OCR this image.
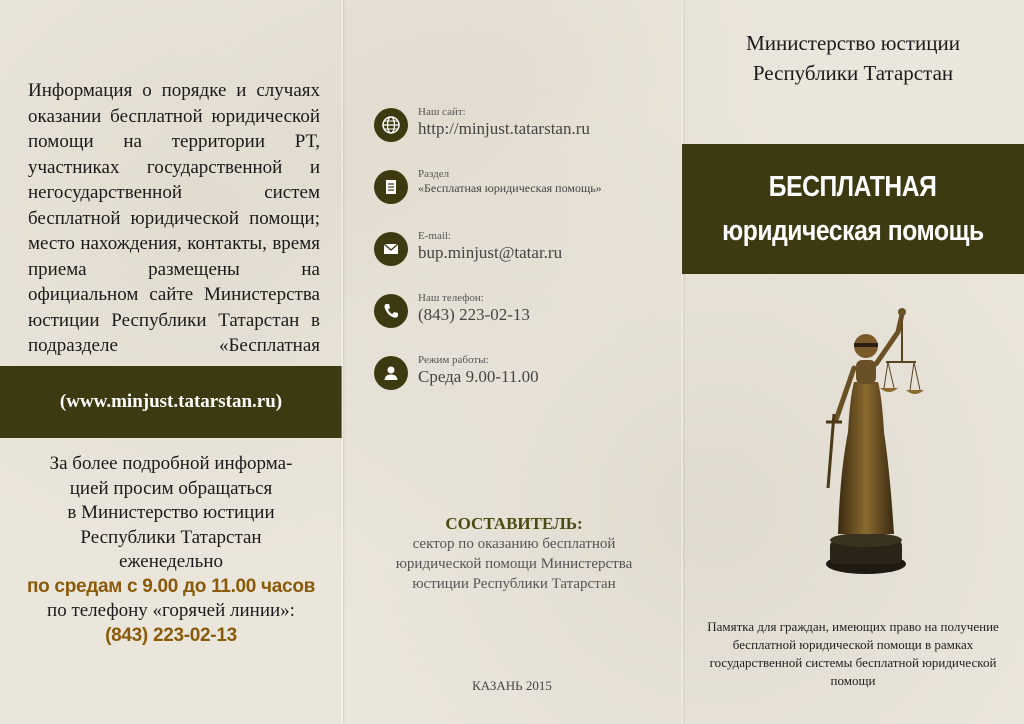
Информация о порядке и случаях оказании бесплатной юридической помощи на территории РТ, участниках государственной и негосударственной систем бесплатной юридической помощи; место нахождения, контакты, время приема размещены на официальном сайте Министерства юстиции Республики Татарстан в подразделе «Бесплатная
(www.minjust.tatarstan.ru)
За более подробной информа-
цией просим обращаться
в Министерство юстиции
Республики Татарстан
еженедельно
по средам с 9.00 до 11.00 часов
по телефону «горячей линии»:
(843) 223-02-13
Наш сайт:
http://minjust.tatarstan.ru
Раздел
«Бесплатная юридическая помощь»
E-mail:
bup.minjust@tatar.ru
Наш телефон:
(843) 223-02-13
Режим работы:
Среда 9.00-11.00
СОСТАВИТЕЛЬ:
сектор по оказанию бесплатной юридической помощи Министерства юстиции Республики Татарстан
КАЗАНЬ 2015
Министерство юстиции
Республики Татарстан
БЕСПЛАТНАЯ
юридическая помощь
Памятка для граждан, имеющих право на получение бесплатной юридической помощи в рамках государственной системы бесплатной юридической помощи
